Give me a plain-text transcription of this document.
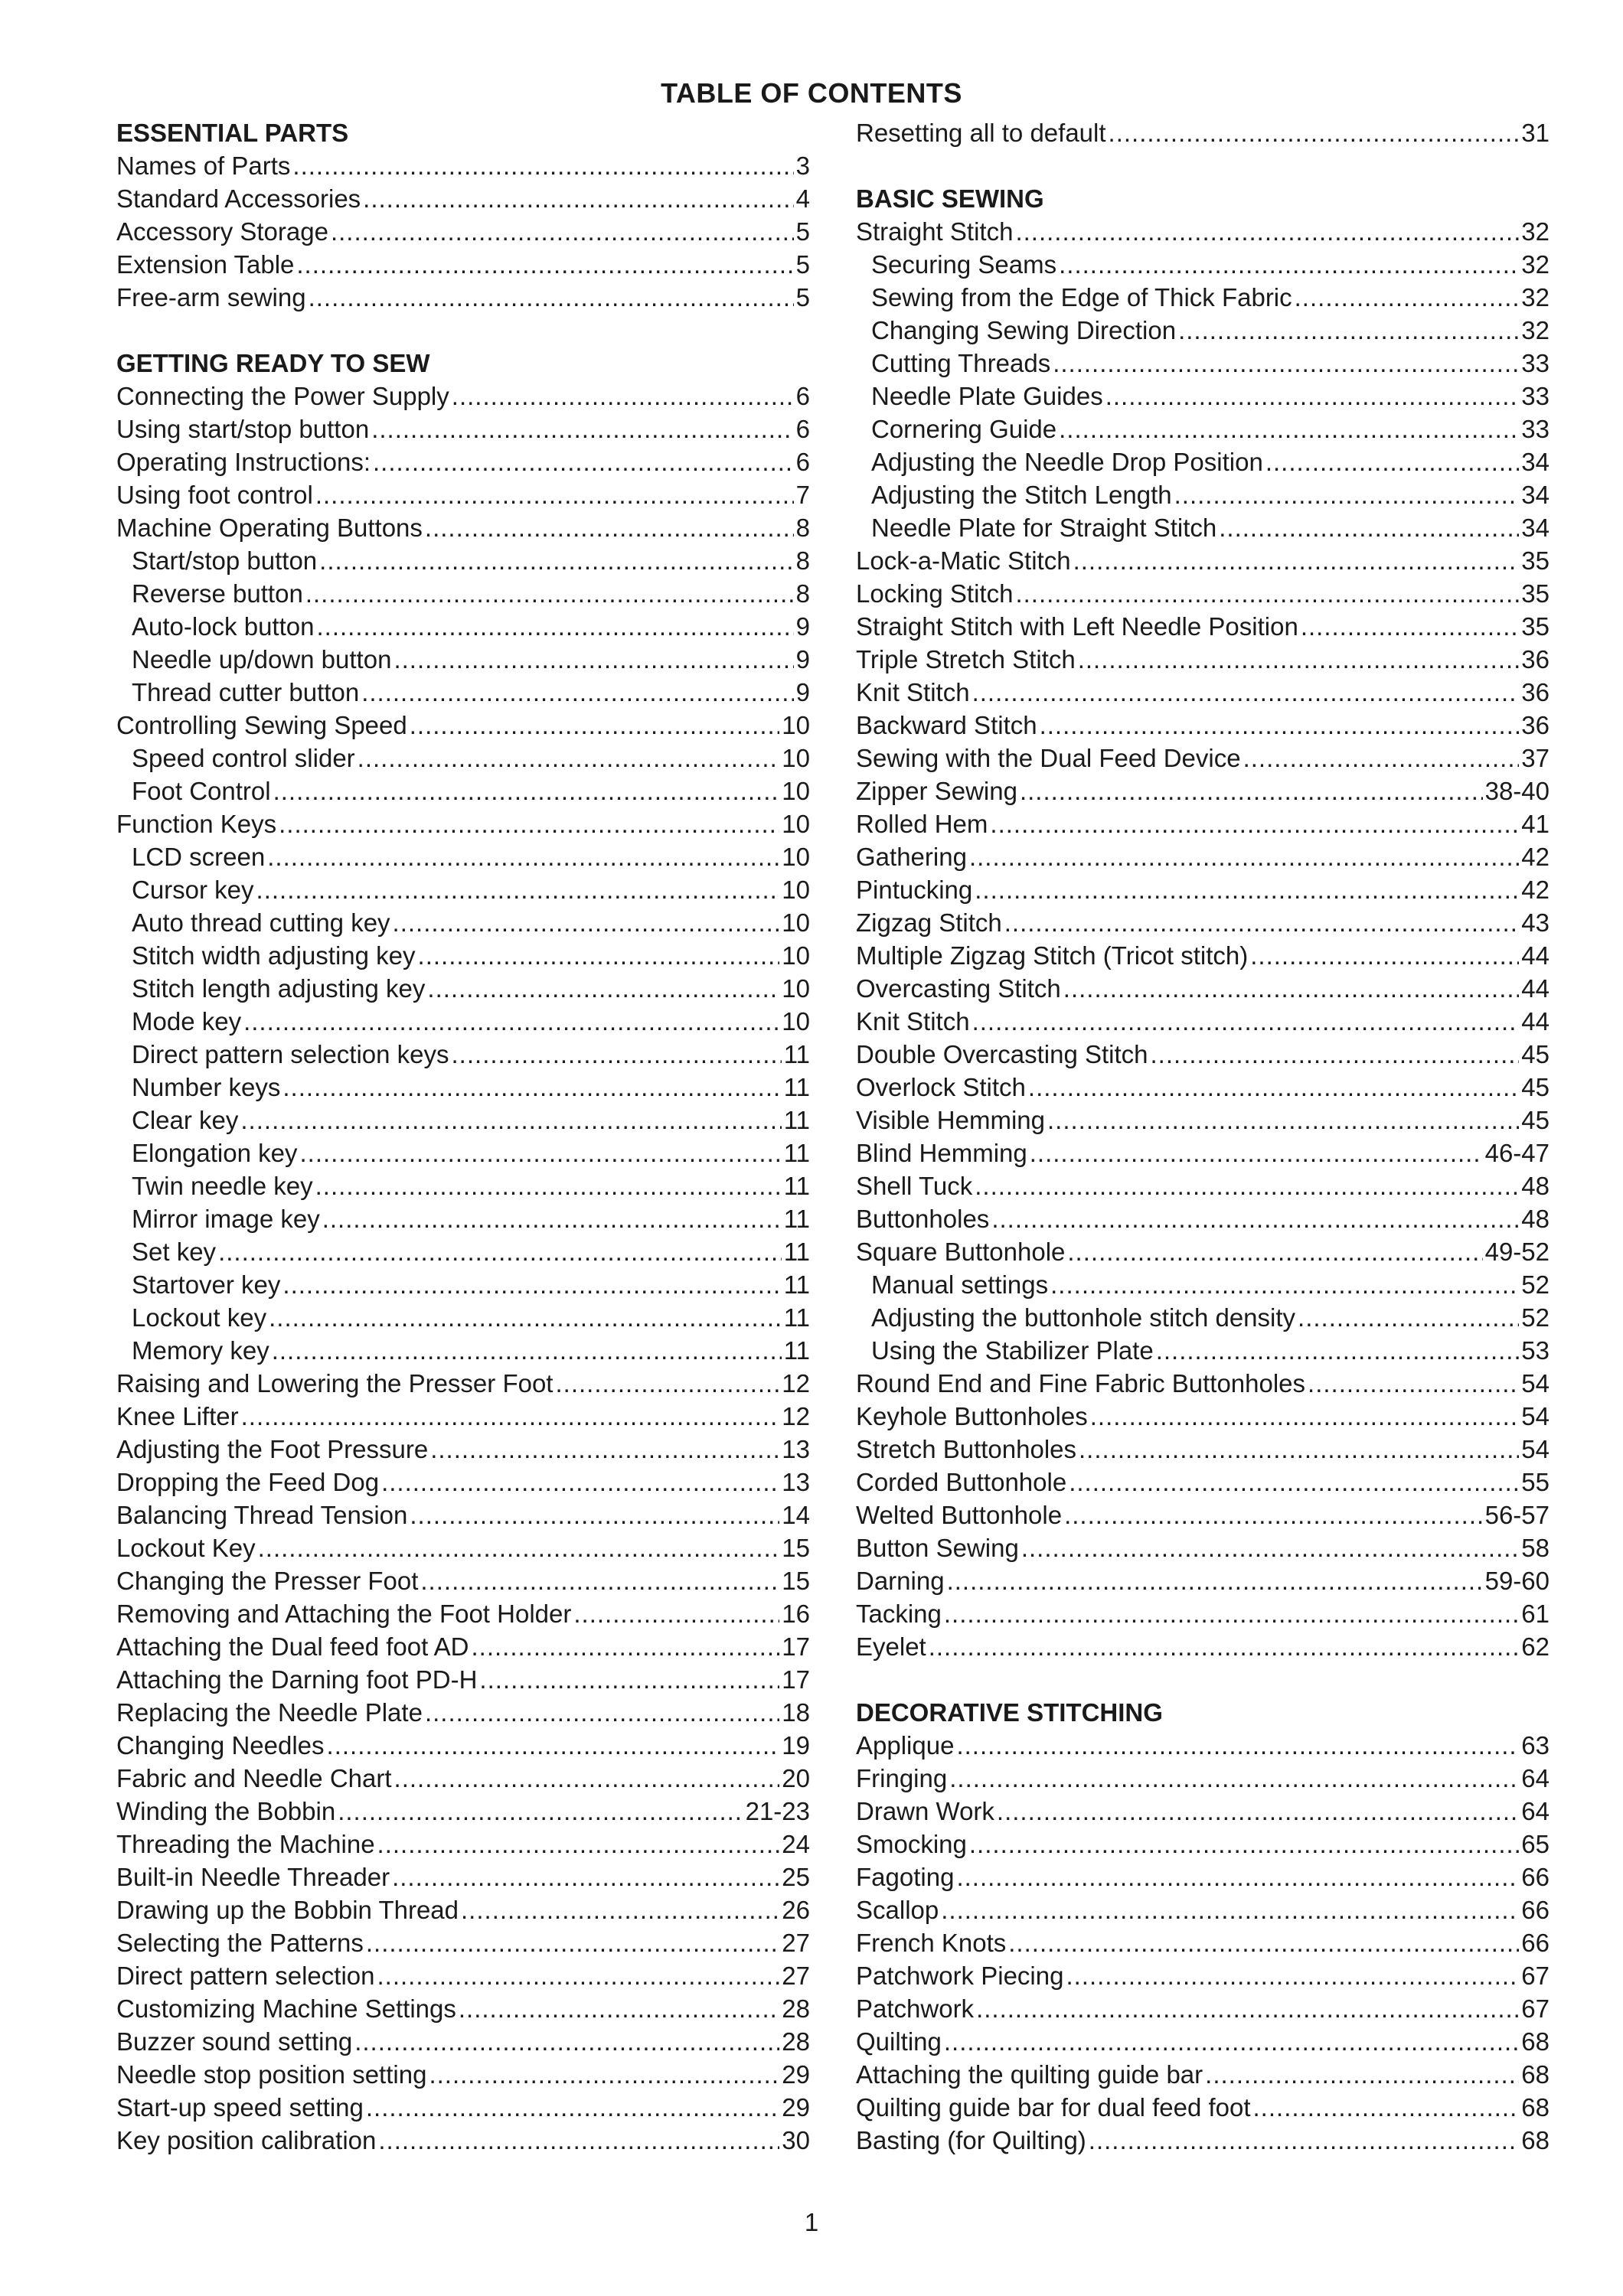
TABLE OF CONTENTS
ESSENTIAL PARTS
Names of Parts .....	3
Standard Accessories .....	4
Accessory Storage .....	5
Extension Table .....	5
Free-arm sewing .....	5
GETTING READY TO SEW
Connecting the Power Supply .....	6
Using start/stop button .....	6
Operating Instructions: .....	6
Using foot control .....	7
Machine Operating Buttons .....	8
Start/stop button .....	8
Reverse button .....	8
Auto-lock button .....	9
Needle up/down button .....	9
Thread cutter button .....	9
Controlling Sewing Speed .....	10
Speed control slider .....	10
Foot Control .....	10
Function Keys .....	10
LCD screen .....	10
Cursor key .....	10
Auto thread cutting key .....	10
Stitch width adjusting key .....	10
Stitch length adjusting key .....	10
Mode key .....	10
Direct pattern selection keys .....	11
Number keys .....	11
Clear key .....	11
Elongation key .....	11
Twin needle key .....	11
Mirror image key .....	11
Set key .....	11
Startover key .....	11
Lockout key .....	11
Memory key .....	11
Raising and Lowering the Presser Foot .....	12
Knee Lifter .....	12
Adjusting the Foot Pressure .....	13
Dropping the Feed Dog .....	13
Balancing Thread Tension .....	14
Lockout Key .....	15
Changing the Presser Foot .....	15
Removing and Attaching the Foot Holder .....	16
Attaching the Dual feed foot AD .....	17
Attaching the Darning foot PD-H .....	17
Replacing the Needle Plate .....	18
Changing Needles .....	19
Fabric and Needle Chart .....	20
Winding the Bobbin .....	21-23
Threading the Machine .....	24
Built-in Needle Threader .....	25
Drawing up the Bobbin Thread .....	26
Selecting the Patterns .....	27
Direct pattern selection .....	27
Customizing Machine Settings .....	28
Buzzer sound setting .....	28
Needle stop position setting .....	29
Start-up speed setting .....	29
Key position calibration .....	30
Resetting all to default .....	31
BASIC SEWING
Straight Stitch .....	32
Securing Seams .....	32
Sewing from the Edge of Thick Fabric .....	32
Changing Sewing Direction .....	32
Cutting Threads .....	33
Needle Plate Guides .....	33
Cornering Guide .....	33
Adjusting the Needle Drop Position .....	34
Adjusting the Stitch Length .....	34
Needle Plate for Straight Stitch .....	34
Lock-a-Matic Stitch .....	35
Locking Stitch .....	35
Straight Stitch with Left Needle Position .....	35
Triple Stretch Stitch .....	36
Knit Stitch .....	36
Backward Stitch .....	36
Sewing with the Dual Feed Device .....	37
Zipper Sewing .....	38-40
Rolled Hem .....	41
Gathering .....	42
Pintucking .....	42
Zigzag Stitch .....	43
Multiple Zigzag Stitch (Tricot stitch) .....	44
Overcasting Stitch .....	44
Knit Stitch .....	44
Double Overcasting Stitch .....	45
Overlock Stitch .....	45
Visible Hemming .....	45
Blind Hemming .....	46-47
Shell Tuck .....	48
Buttonholes .....	48
Square Buttonhole .....	49-52
Manual settings .....	52
Adjusting the buttonhole stitch density .....	52
Using the Stabilizer Plate .....	53
Round End and Fine Fabric Buttonholes .....	54
Keyhole Buttonholes .....	54
Stretch Buttonholes .....	54
Corded Buttonhole .....	55
Welted Buttonhole .....	56-57
Button Sewing .....	58
Darning .....	59-60
Tacking .....	61
Eyelet .....	62
DECORATIVE STITCHING
Applique .....	63
Fringing .....	64
Drawn Work .....	64
Smocking .....	65
Fagoting .....	66
Scallop .....	66
French Knots .....	66
Patchwork Piecing .....	67
Patchwork .....	67
Quilting .....	68
Attaching the quilting guide bar .....	68
Quilting guide bar for dual feed foot .....	68
Basting (for Quilting) .....	68
1
